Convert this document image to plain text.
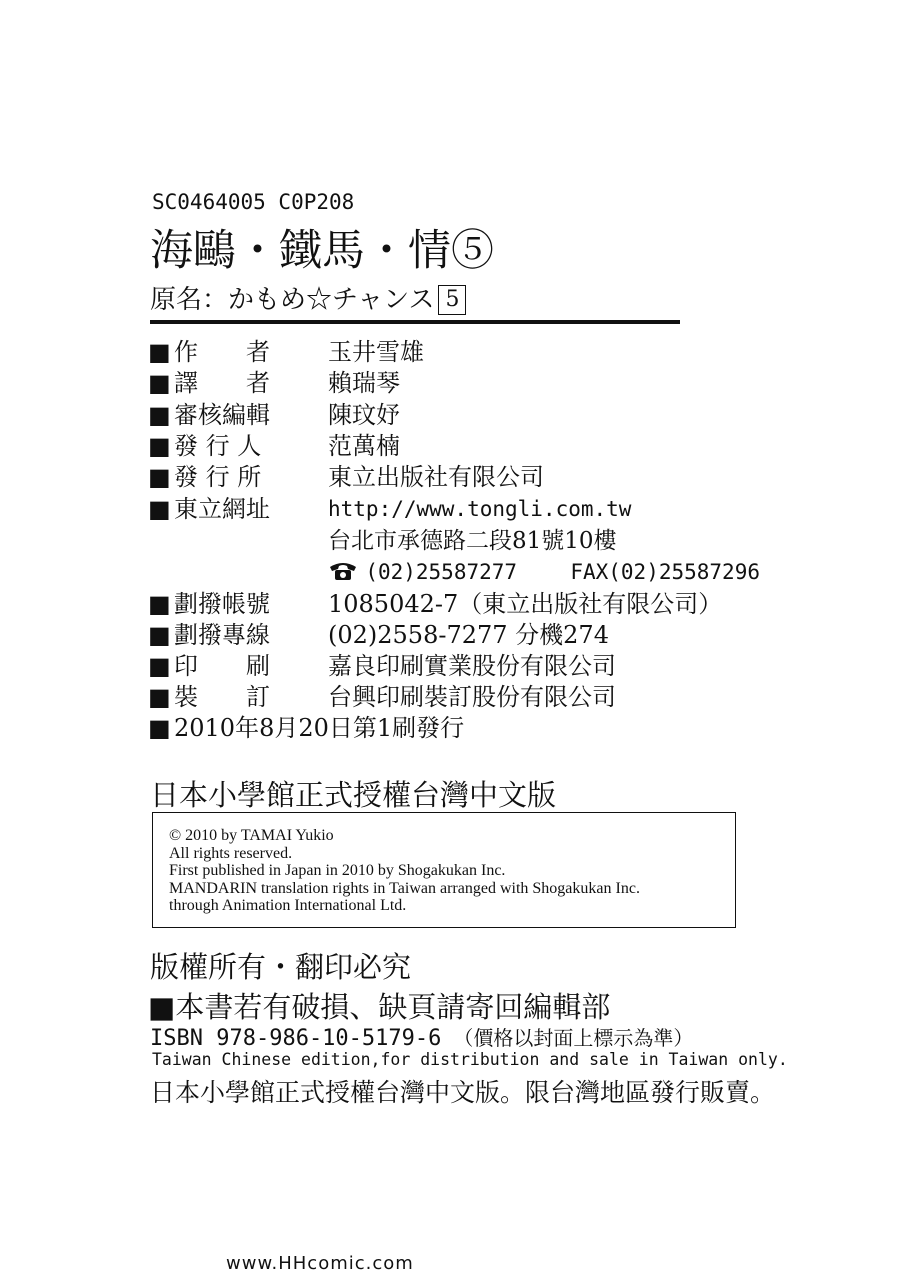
SC0464005 C0P208
海鷗・鐵馬・情⑤
原名：かもめ☆チャンス 5
■ 作　　者 玉井雪雄
■ 譯　　者	賴瑞琴
■ 審核編輯	陳玟妤
■ 發 行 人	范萬楠
■ 發 行 所	東立出版社有限公司
■ 東立網址	http://www.tongli.com.tw
台北市承德路二段81號10樓
(02)25587277	FAX(02)25587296
■ 劃撥帳號	1085042-7（東立出版社有限公司）
■ 劃撥專線	(02)2558-7277 分機274
■ 印　　刷	嘉良印刷實業股份有限公司
■ 裝　　訂	台興印刷裝訂股份有限公司
■ 2010年8月20日第1刷發行
日本小學館正式授權台灣中文版
© 2010 by TAMAI Yukio
All rights reserved.
First published in Japan in 2010 by Shogakukan Inc.
MANDARIN translation rights in Taiwan arranged with Shogakukan Inc.
through Animation International Ltd.
版權所有・翻印必究
■本書若有破損、缺頁請寄回編輯部
ISBN 978-986-10-5179-6 （價格以封面上標示為準）
Taiwan Chinese edition,for distribution and sale in Taiwan only.
日本小學館正式授權台灣中文版。限台灣地區發行販賣。
www.HHcomic.com
